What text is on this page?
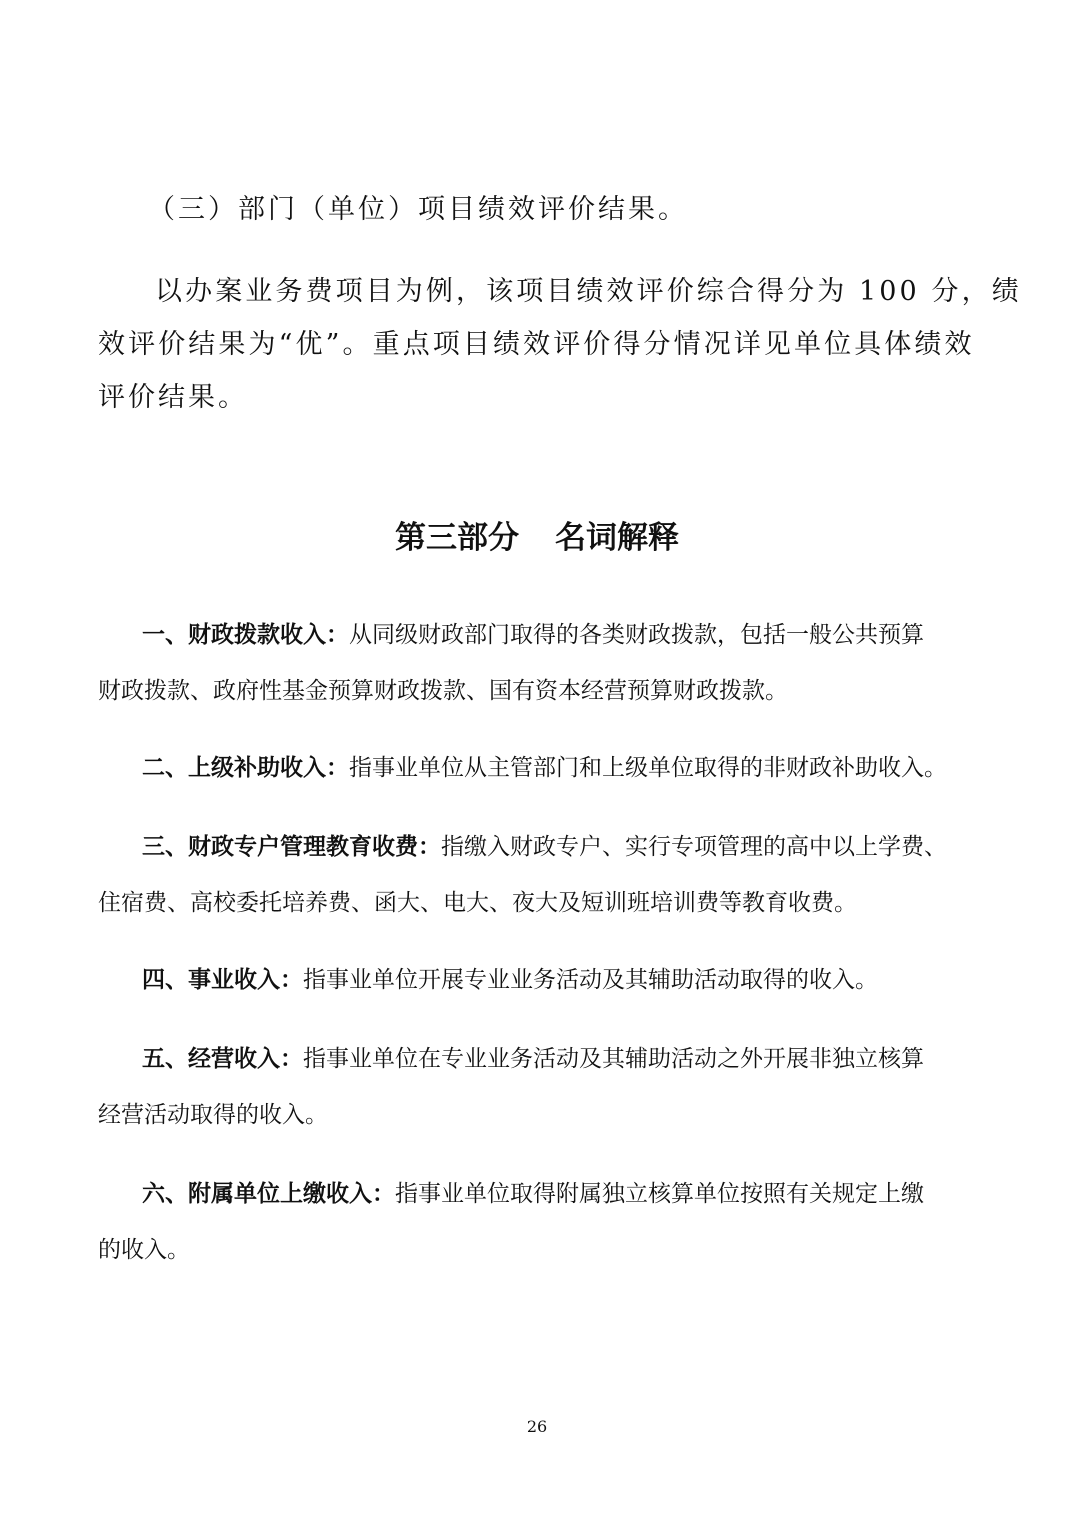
（三）部门（单位）项目绩效评价结果。
以办案业务费项目为例，该项目绩效评价综合得分为 100 分，绩
效评价结果为“优”。重点项目绩效评价得分情况详见单位具体绩效
评价结果。
第三部分 名词解释
一、财政拨款收入：从同级财政部门取得的各类财政拨款，包括一般公共预算
财政拨款、政府性基金预算财政拨款、国有资本经营预算财政拨款。
二、上级补助收入：指事业单位从主管部门和上级单位取得的非财政补助收入。
三、财政专户管理教育收费：指缴入财政专户、实行专项管理的高中以上学费、
住宿费、高校委托培养费、函大、电大、夜大及短训班培训费等教育收费。
四、事业收入：指事业单位开展专业业务活动及其辅助活动取得的收入。
五、经营收入：指事业单位在专业业务活动及其辅助活动之外开展非独立核算
经营活动取得的收入。
六、附属单位上缴收入：指事业单位取得附属独立核算单位按照有关规定上缴
的收入。
26
